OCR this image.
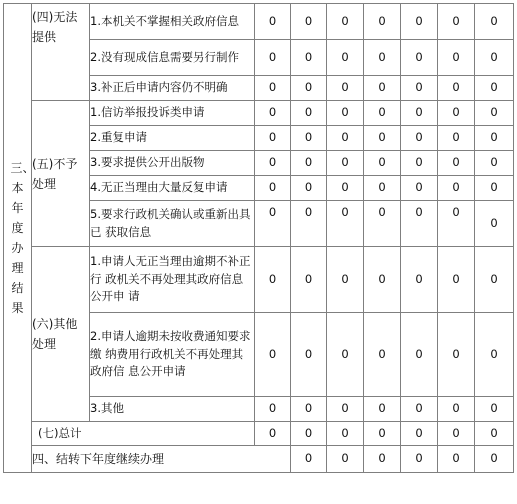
三、本年度办理结果	(四)无法提供	1.本机关不掌握相关政府信息	0	0	0	0	0	0	0	
		2.没有现成信息需要另行制作	0	0	0	0	0	0	0	
		3.补正后申请内容仍不明确	0	0	0	0	0	0	0	
	(五)不予处理	1.信访举报投诉类申请	0	0	0	0	0	0	0	
		2.重复申请	0	0	0	0	0	0	0	
		3.要求提供公开出版物	0	0	0	0	0	0	0	
		4.无正当理由大量反复申请	0	0	0	0	0	0	0	
		5.要求行政机关确认或重新出具已 获取信息	0	0	0	0	0	0	0	
	(六)其他处理	1.申请人无正当理由逾期不补正行 政机关不再处理其政府信息公开申 请	0	0	0	0	0	0	0	
		2.申请人逾期未按收费通知要求缴 纳费用行政机关不再处理其政府信 息公开申请	0	0	0	0	0	0	0	
		3.其他	0	0	0	0	0	0	0	
	(七)总计		0	0	0	0	0	0	0	
	四、结转下年度继续办理			0	0	0	0	0	0	
